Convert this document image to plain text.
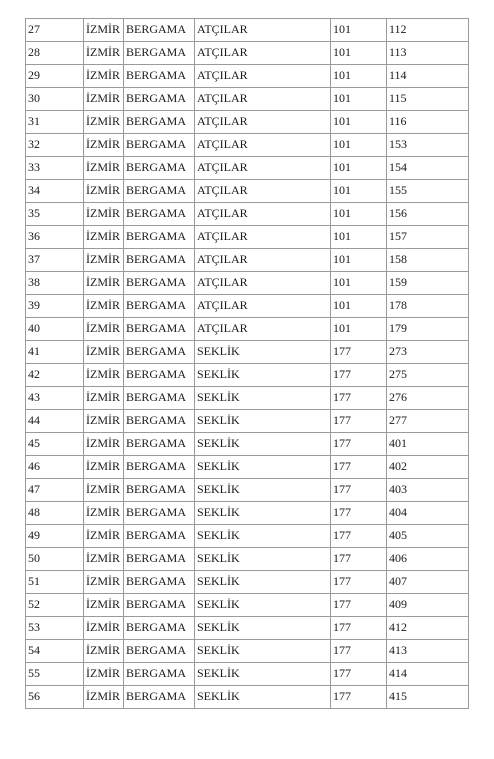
27	İZMİR	BERGAMA	ATÇILAR	101	112
28	İZMİR	BERGAMA	ATÇILAR	101	113
29	İZMİR	BERGAMA	ATÇILAR	101	114
30	İZMİR	BERGAMA	ATÇILAR	101	115
31	İZMİR	BERGAMA	ATÇILAR	101	116
32	İZMİR	BERGAMA	ATÇILAR	101	153
33	İZMİR	BERGAMA	ATÇILAR	101	154
34	İZMİR	BERGAMA	ATÇILAR	101	155
35	İZMİR	BERGAMA	ATÇILAR	101	156
36	İZMİR	BERGAMA	ATÇILAR	101	157
37	İZMİR	BERGAMA	ATÇILAR	101	158
38	İZMİR	BERGAMA	ATÇILAR	101	159
39	İZMİR	BERGAMA	ATÇILAR	101	178
40	İZMİR	BERGAMA	ATÇILAR	101	179
41	İZMİR	BERGAMA	SEKLİK	177	273
42	İZMİR	BERGAMA	SEKLİK	177	275
43	İZMİR	BERGAMA	SEKLİK	177	276
44	İZMİR	BERGAMA	SEKLİK	177	277
45	İZMİR	BERGAMA	SEKLİK	177	401
46	İZMİR	BERGAMA	SEKLİK	177	402
47	İZMİR	BERGAMA	SEKLİK	177	403
48	İZMİR	BERGAMA	SEKLİK	177	404
49	İZMİR	BERGAMA	SEKLİK	177	405
50	İZMİR	BERGAMA	SEKLİK	177	406
51	İZMİR	BERGAMA	SEKLİK	177	407
52	İZMİR	BERGAMA	SEKLİK	177	409
53	İZMİR	BERGAMA	SEKLİK	177	412
54	İZMİR	BERGAMA	SEKLİK	177	413
55	İZMİR	BERGAMA	SEKLİK	177	414
56	İZMİR	BERGAMA	SEKLİK	177	415
